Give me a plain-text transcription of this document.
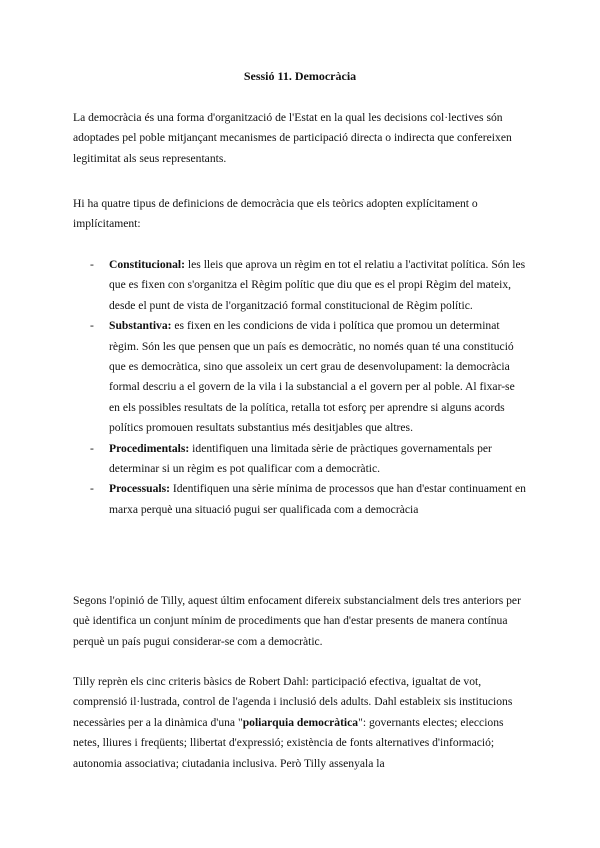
Sessió 11. Democràcia

La democràcia és una forma d'organització de l'Estat en la qual les decisions col·lectives són adoptades pel poble mitjançant mecanismes de participació directa o indirecta que confereixen legitimitat als seus representants.

Hi ha quatre tipus de definicions de democràcia que els teòrics adopten explícitament o implícitament:

- Constitucional: les lleis que aprova un règim en tot el relatiu a l'activitat política. Són les que es fixen con s'organitza el Règim polític que diu que es el propi Règim del mateix, desde el punt de vista de l'organització formal constitucional de Règim polític.
- Substantiva: es fixen en les condicions de vida i política que promou un determinat règim. Són les que pensen que un país es democràtic, no només quan té una constitució que es democràtica, sino que assoleix un cert grau de desenvolupament: la democràcia formal descriu a el govern de la vila i la substancial a el govern per al poble. Al fixar-se en els possibles resultats de la política, retalla tot esforç per aprendre si alguns acords polítics promouen resultats substantius més desitjables que altres.
- Procedimentals: identifiquen una limitada sèrie de pràctiques governamentals per determinar si un règim es pot qualificar com a democràtic.
- Processuals: Identifiquen una sèrie mínima de processos que han d'estar continuament en marxa perquè una situació pugui ser qualificada com a democràcia

Segons l'opinió de Tilly, aquest últim enfocament difereix substancialment dels tres anteriors per què identifica un conjunt mínim de procediments que han d'estar presents de manera contínua perquè un país pugui considerar-se com a democràtic.

Tilly reprèn els cinc criteris bàsics de Robert Dahl: participació efectiva, igualtat de vot, comprensió il·lustrada, control de l'agenda i inclusió dels adults. Dahl estableix sis institucions necessàries per a la dinàmica d'una "poliarquia democràtica": governants electes; eleccions netes, lliures i freqüents; llibertat d'expressió; existència de fonts alternatives d'informació; autonomia associativa; ciutadania inclusiva. Però Tilly assenyala la
